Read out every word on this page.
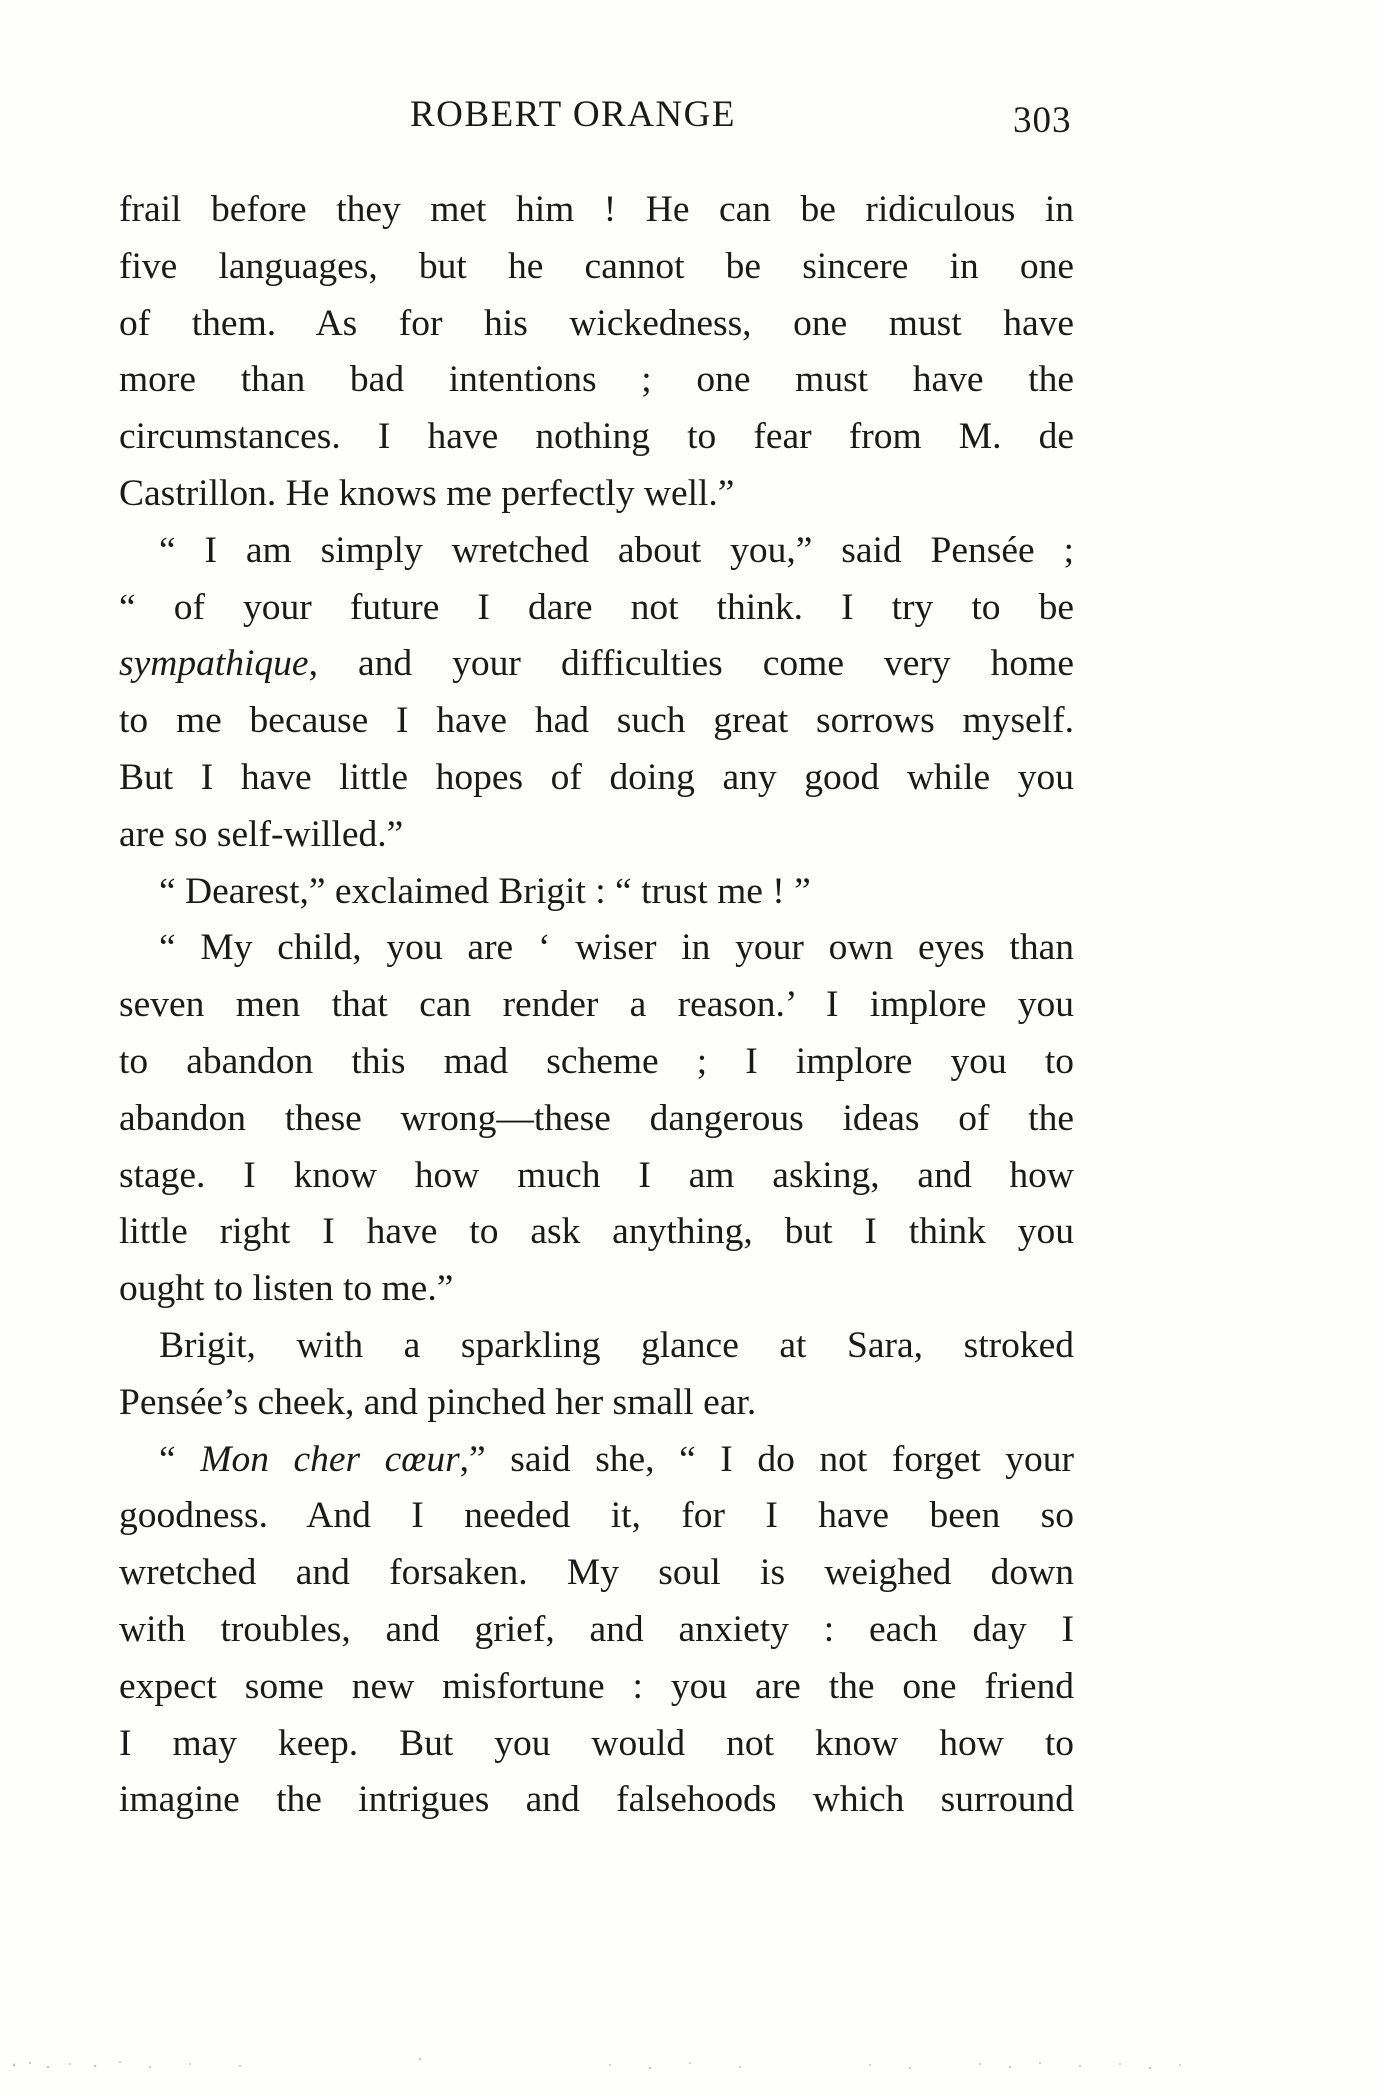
ROBERT ORANGE	303
frail before they met him ! He can be ridiculous in
five languages, but he cannot be sincere in one
of them. As for his wickedness, one must have
more than bad intentions ; one must have the
circumstances. I have nothing to fear from M. de
Castrillon. He knows me perfectly well.”
“ I am simply wretched about you,” said Pensée ;
“ of your future I dare not think. I try to be
sympathique, and your difficulties come very home
to me because I have had such great sorrows myself.
But I have little hopes of doing any good while you
are so self-willed.”
“ Dearest,” exclaimed Brigit : “ trust me ! ”
“ My child, you are ‘ wiser in your own eyes than
seven men that can render a reason.’ I implore you
to abandon this mad scheme ; I implore you to
abandon these wrong—these dangerous ideas of the
stage. I know how much I am asking, and how
little right I have to ask anything, but I think you
ought to listen to me.”
Brigit, with a sparkling glance at Sara, stroked
Pensée’s cheek, and pinched her small ear.
“ Mon cher cœur,” said she, “ I do not forget your
goodness. And I needed it, for I have been so
wretched and forsaken. My soul is weighed down
with troubles, and grief, and anxiety : each day I
expect some new misfortune : you are the one friend
I may keep. But you would not know how to
imagine the intrigues and falsehoods which surround
